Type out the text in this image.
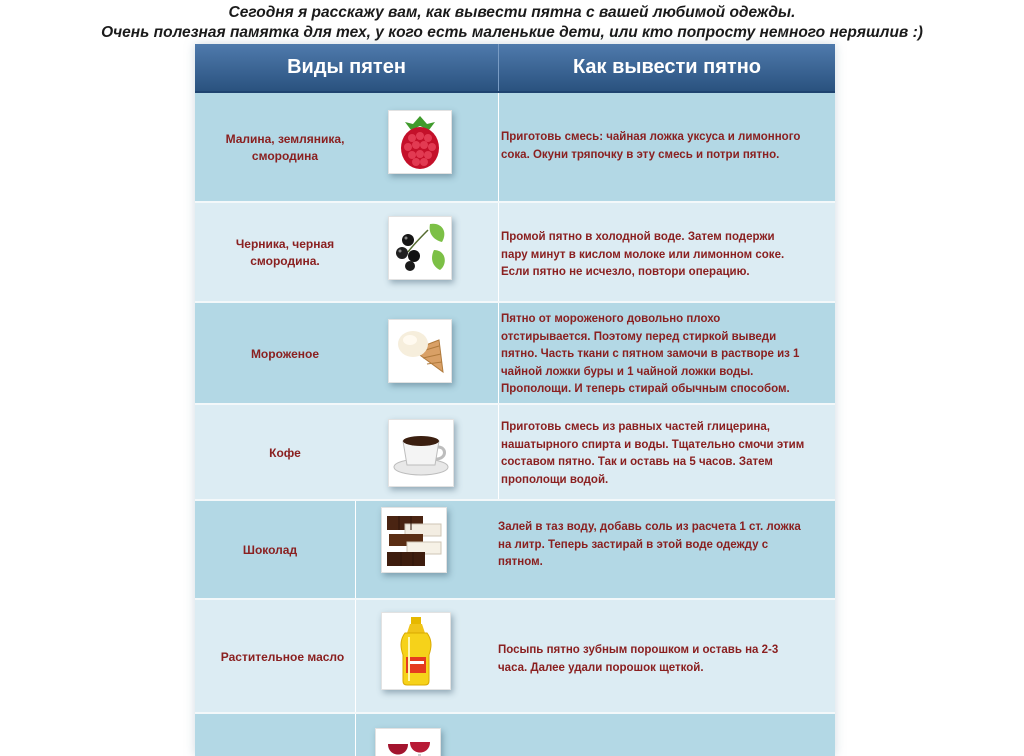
Сегодня я расскажу вам, как вывести пятна с вашей любимой одежды.
Очень полезная памятка для тех, у кого есть маленькие дети, или кто попросту немного неряшлив :)
Виды пятен	Как вывести пятно
Малина, земляника, смородина
Приготовь смесь: чайная ложка уксуса и лимонного
сока. Окуни тряпочку в эту смесь и потри пятно.
Черника, черная смородина.
Промой пятно в холодной воде. Затем подержи
пару минут в кислом молоке или лимонном соке.
Если пятно не исчезло, повтори операцию.
Мороженое
Пятно от мороженого довольно плохо
отстирывается. Поэтому перед стиркой выведи
пятно. Часть ткани с пятном замочи в растворе из 1
чайной ложки буры и 1 чайной ложки воды.
Прополощи. И теперь стирай обычным способом.
Кофе
Приготовь смесь из равных частей глицерина,
нашатырного спирта и воды. Тщательно смочи этим
составом пятно. Так и оставь на 5 часов. Затем
прополощи водой.
Шоколад
Залей в таз воду, добавь соль из расчета 1 ст. ложка
на литр. Теперь застирай в этой воде одежду с
пятном.
Растительное масло	Посыпь пятно зубным порошком и оставь на 2-3
часа. Далее удали порошок щеткой.
